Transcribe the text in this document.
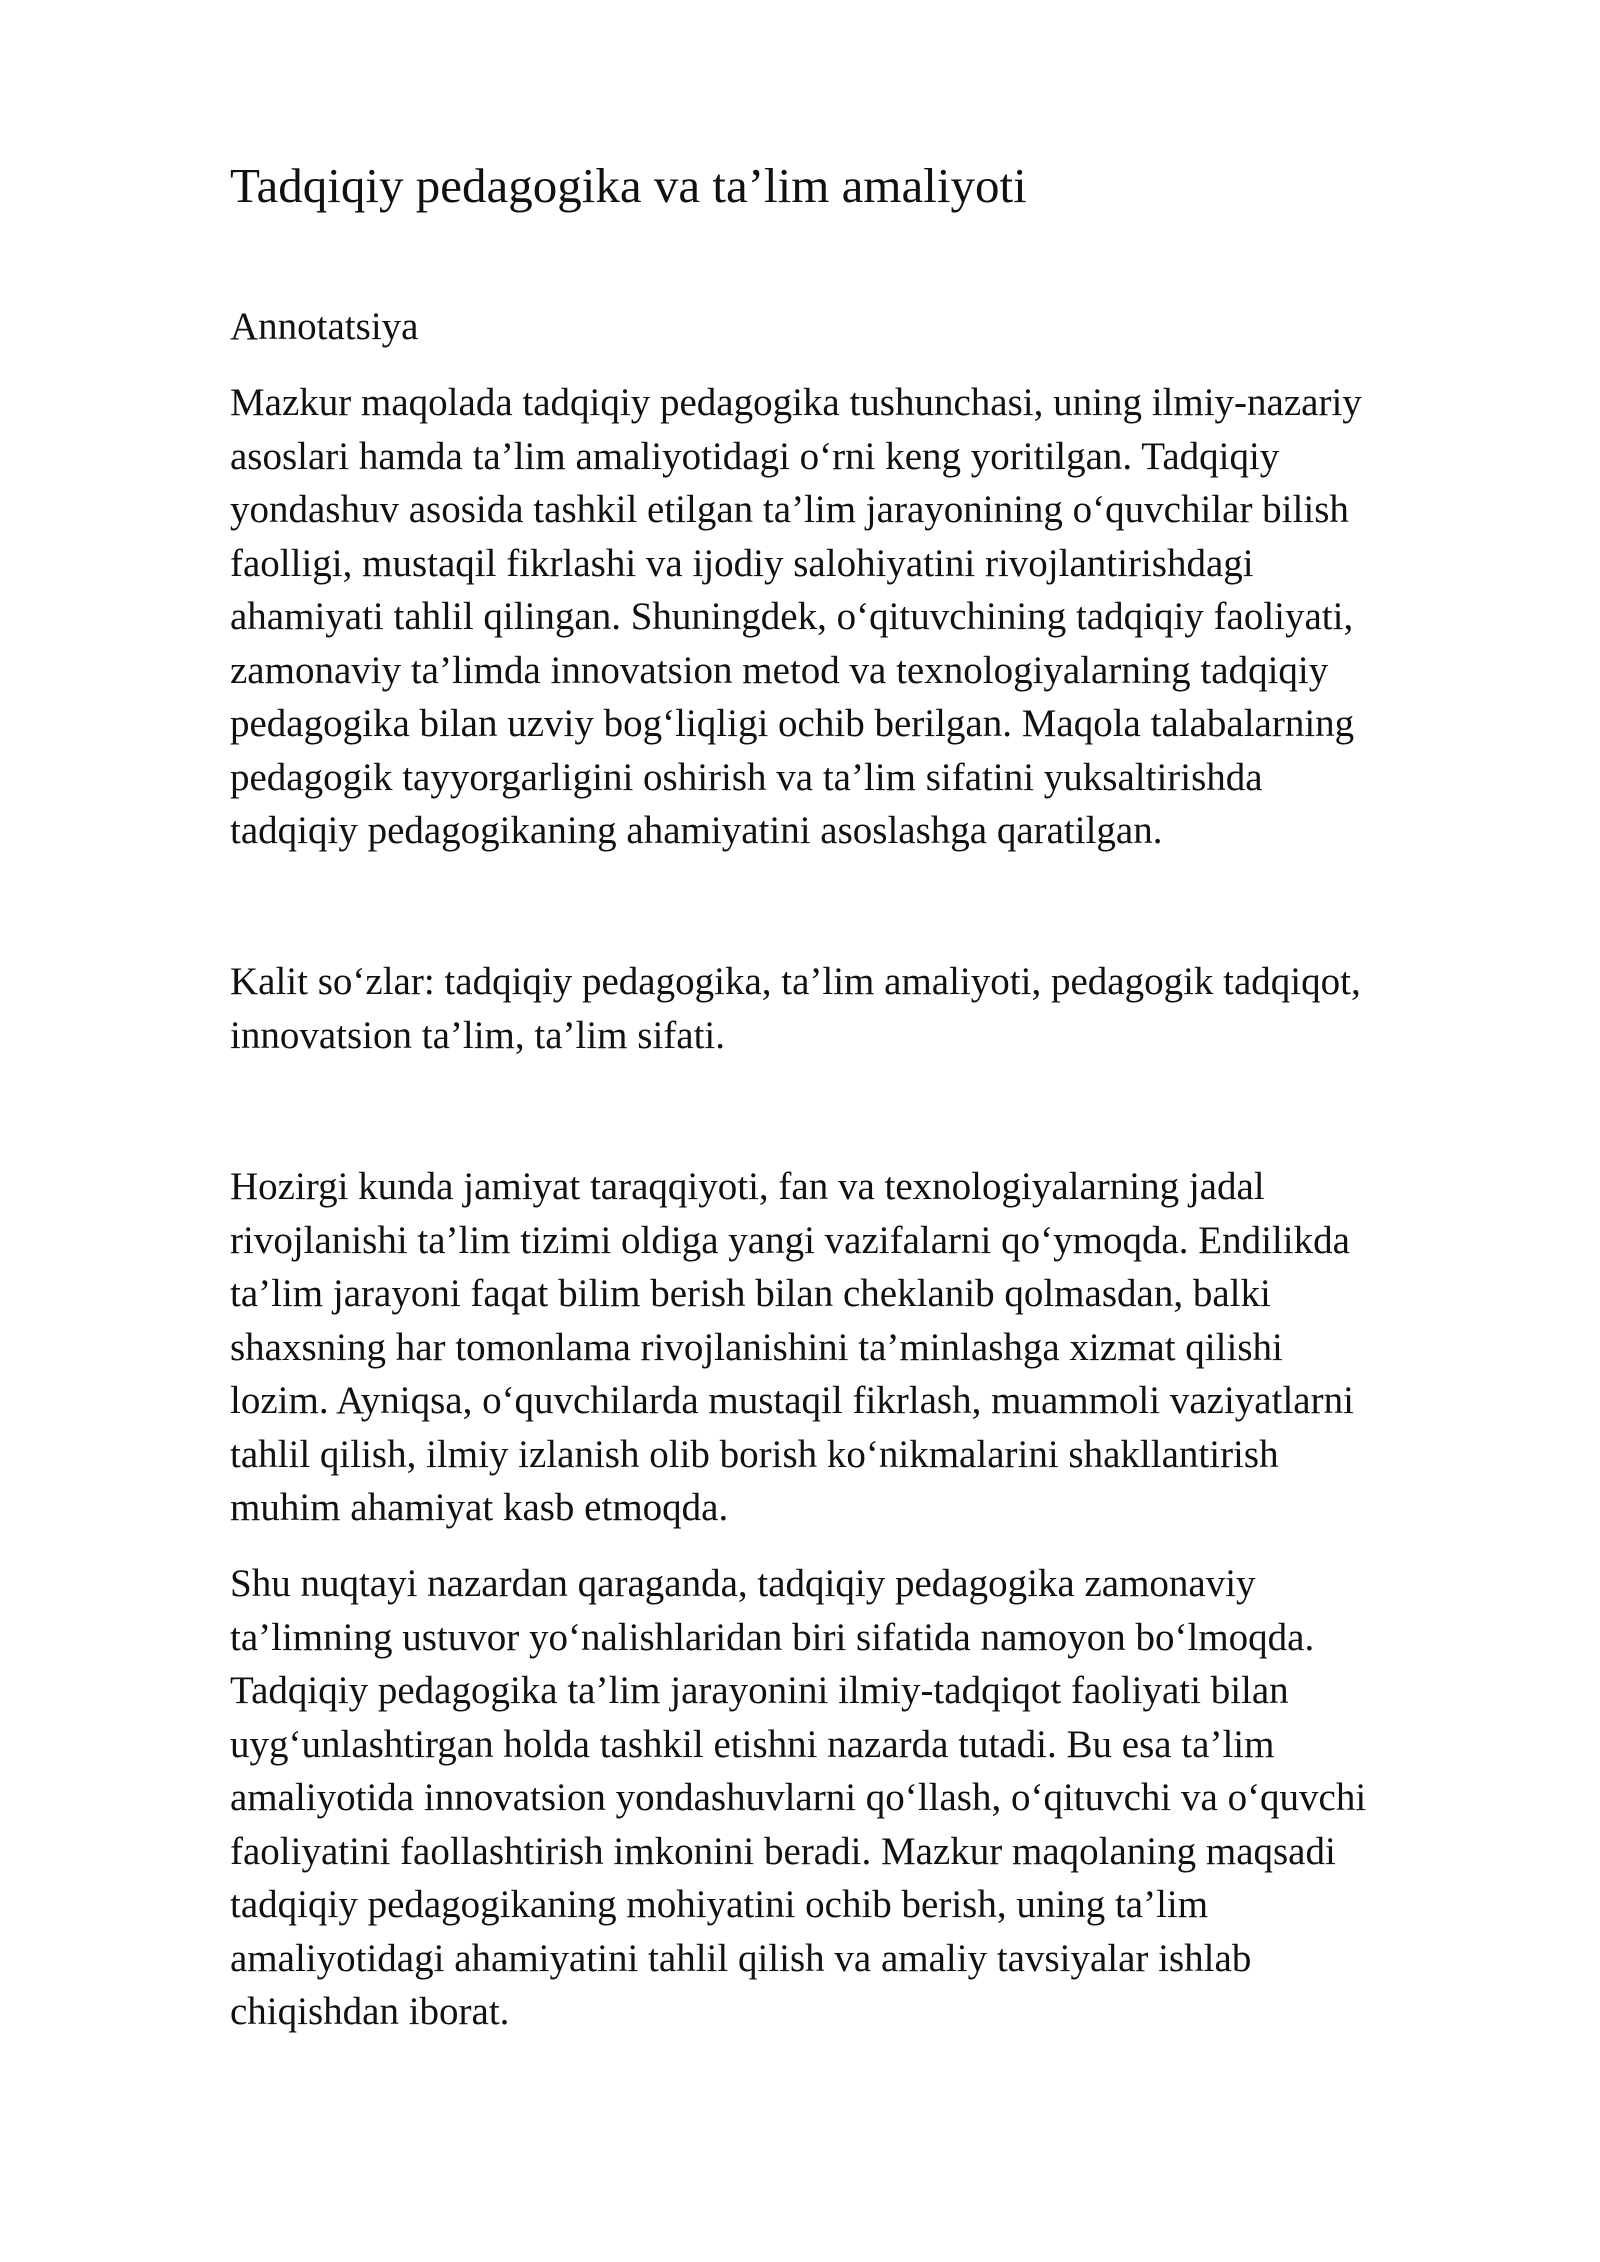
Tadqiqiy pedagogika va ta’lim amaliyoti
Annotatsiya

Mazkur maqolada tadqiqiy pedagogika tushunchasi, uning ilmiy-nazariy
asoslari hamda ta’lim amaliyotidagi o‘rni keng yoritilgan. Tadqiqiy
yondashuv asosida tashkil etilgan ta’lim jarayonining o‘quvchilar bilish
faolligi, mustaqil fikrlashi va ijodiy salohiyatini rivojlantirishdagi
ahamiyati tahlil qilingan. Shuningdek, o‘qituvchining tadqiqiy faoliyati,
zamonaviy ta’limda innovatsion metod va texnologiyalarning tadqiqiy
pedagogika bilan uzviy bog‘liqligi ochib berilgan. Maqola talabalarning
pedagogik tayyorgarligini oshirish va ta’lim sifatini yuksaltirishda
tadqiqiy pedagogikaning ahamiyatini asoslashga qaratilgan.

Kalit so‘zlar: tadqiqiy pedagogika, ta’lim amaliyoti, pedagogik tadqiqot,
innovatsion ta’lim, ta’lim sifati.

Hozirgi kunda jamiyat taraqqiyoti, fan va texnologiyalarning jadal
rivojlanishi ta’lim tizimi oldiga yangi vazifalarni qo‘ymoqda. Endilikda
ta’lim jarayoni faqat bilim berish bilan cheklanib qolmasdan, balki
shaxsning har tomonlama rivojlanishini ta’minlashga xizmat qilishi
lozim. Ayniqsa, o‘quvchilarda mustaqil fikrlash, muammoli vaziyatlarni
tahlil qilish, ilmiy izlanish olib borish ko‘nikmalarini shakllantirish
muhim ahamiyat kasb etmoqda.

Shu nuqtayi nazardan qaraganda, tadqiqiy pedagogika zamonaviy
ta’limning ustuvor yo‘nalishlaridan biri sifatida namoyon bo‘lmoqda.
Tadqiqiy pedagogika ta’lim jarayonini ilmiy-tadqiqot faoliyati bilan
uyg‘unlashtirgan holda tashkil etishni nazarda tutadi. Bu esa ta’lim
amaliyotida innovatsion yondashuvlarni qo‘llash, o‘qituvchi va o‘quvchi
faoliyatini faollashtirish imkonini beradi. Mazkur maqolaning maqsadi
tadqiqiy pedagogikaning mohiyatini ochib berish, uning ta’lim
amaliyotidagi ahamiyatini tahlil qilish va amaliy tavsiyalar ishlab
chiqishdan iborat.
